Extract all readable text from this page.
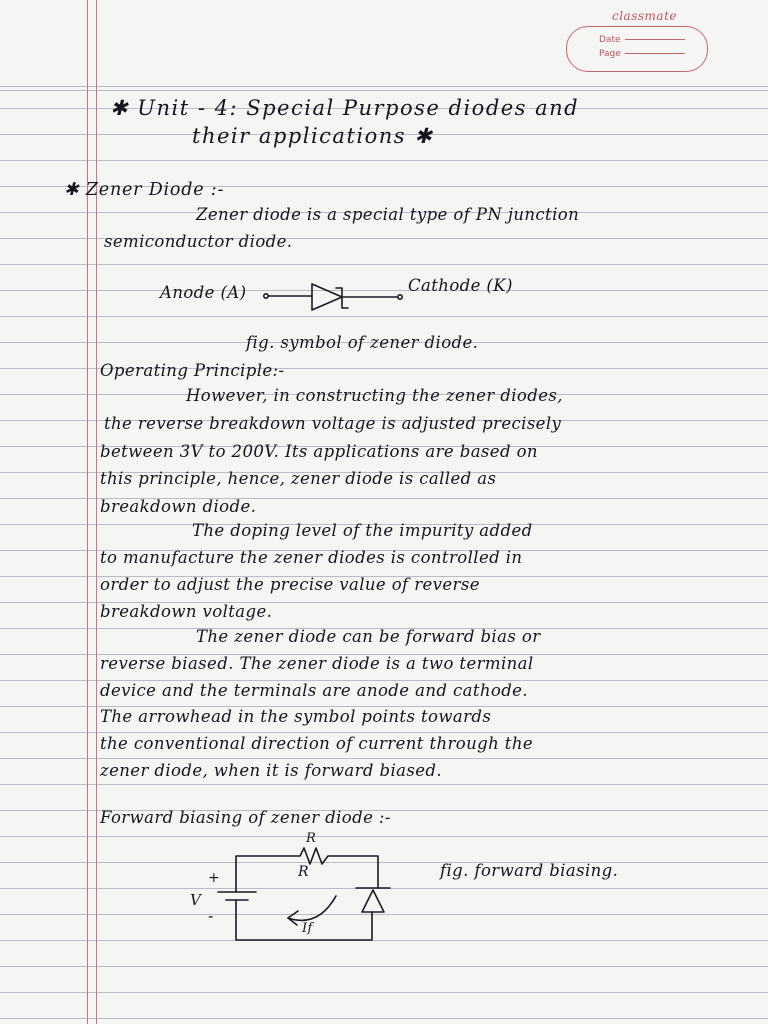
classmate
Date
Page
✱ Unit - 4: Special Purpose diodes and
their applications ✱
✱ Zener Diode :-
Zener diode is a special type of PN junction
semiconductor diode.
Anode (A)	Cathode (K)
fig. symbol of zener diode.
Operating Principle:-
However, in constructing the zener diodes,
the reverse breakdown voltage is adjusted precisely
between 3V to 200V. Its applications are based on
this principle, hence, zener diode is called as
breakdown diode.
The doping level of the impurity added
to manufacture the zener diodes is controlled in
order to adjust the precise value of reverse
breakdown voltage.
The zener diode can be forward bias or
reverse biased. The zener diode is a two terminal
device and the terminals are anode and cathode.
The arrowhead in the symbol points towards
the conventional direction of current through the
zener diode, when it is forward biased.
Forward biasing of zener diode :-
R
R
+
-
V
If
fig. forward biasing.
